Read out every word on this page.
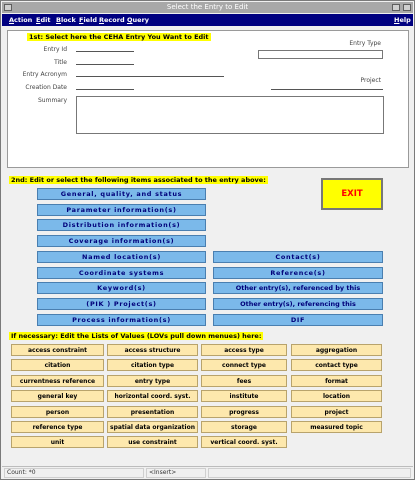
Select the Entry to Edit
Action Edit Block Field Record Query	Help
1st: Select here the CEHA Entry You Want to Edit
Entry Id
Title
Entry Type
Entry Acronym
Project
Creation Date
Summary
2nd: Edit or select the following items associated to the entry above:
EXIT
General, quality, and status
Parameter information(s)
Distribution information(s)
Coverage information(s)
Named location(s)
Coordinate systems
Keyword(s)
(PIK ) Project(s)
Process information(s)
Contact(s)
Reference(s)
Other entry(s), referenced by this
Other entry(s), referencing this
DIF
If necessary: Edit the Lists of Values (LOVs pull down menues) here:
access constraint	access structure	access type	aggregation
citation	citation type	connect type	contact type
currentness reference	entry type	fees	format
general key	horizontal coord. syst.	institute	location
person	presentation	progress	project
reference type	spatial data organization	storage	measured topic
unit	use constraint	vertical coord. syst.
Count: *0	<Insert>
